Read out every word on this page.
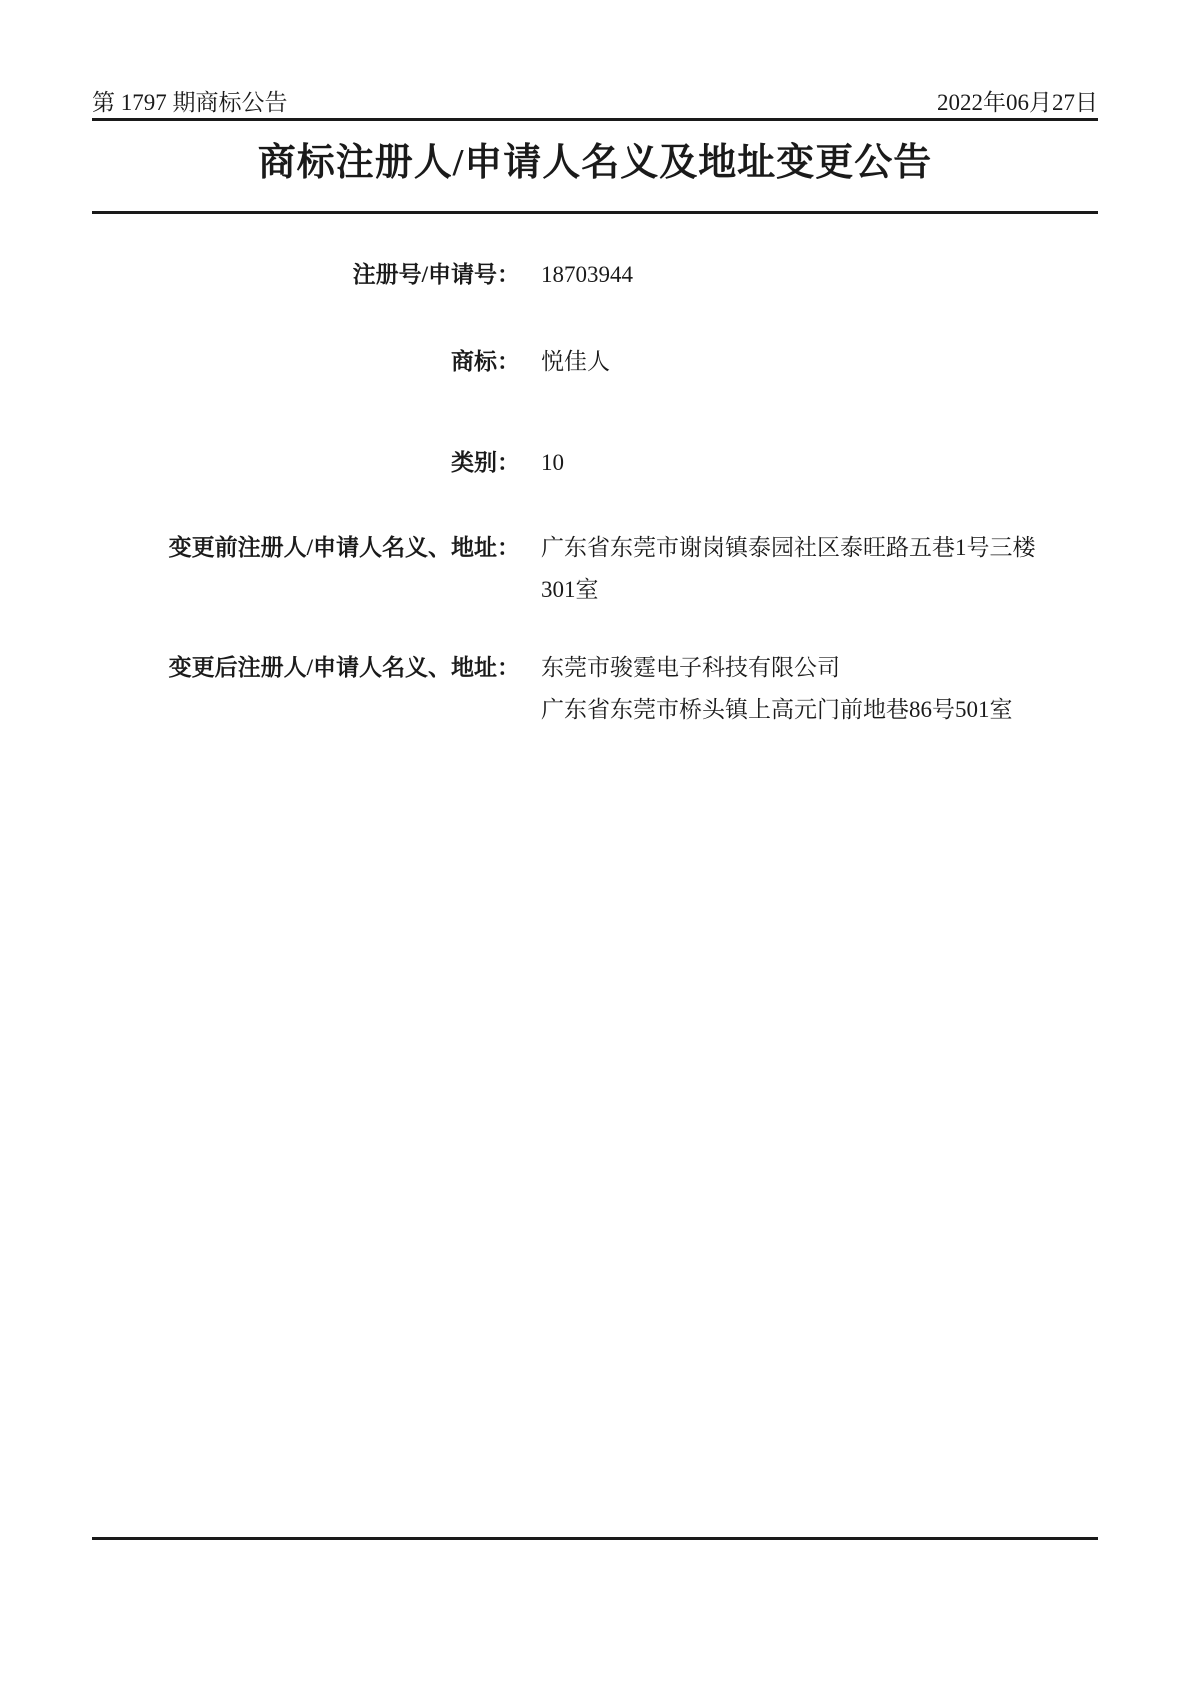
第 1797 期商标公告	2022年06月27日
商标注册人/申请人名义及地址变更公告
注册号/申请号： 18703944
商标： 悦佳人
类别： 10
变更前注册人/申请人名义、地址： 广东省东莞市谢岗镇泰园社区泰旺路五巷1号三楼
301室
变更后注册人/申请人名义、地址： 东莞市骏霆电子科技有限公司
广东省东莞市桥头镇上高元门前地巷86号501室
